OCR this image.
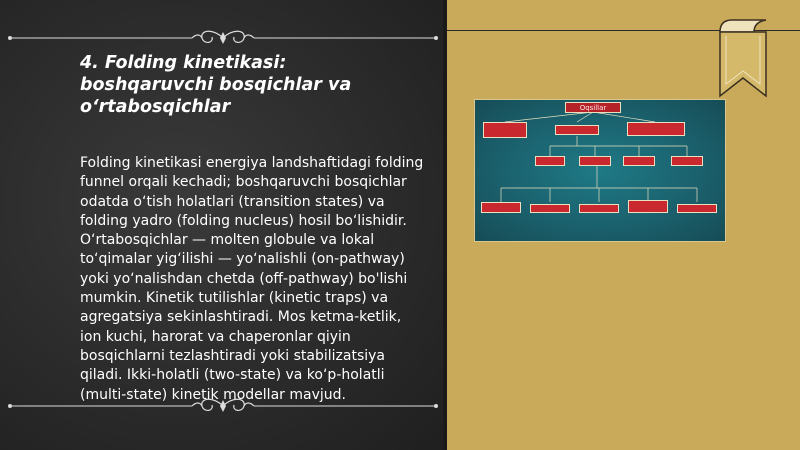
4. Folding kinetikasi: boshqaruvchi bosqichlar va o‘rtabosqichlar
Folding kinetikasi energiya landshaftidagi folding funnel orqali kechadi; boshqaruvchi bosqichlar odatda o‘tish holatlari (transition states) va folding yadro (folding nucleus) hosil bo‘lishidir. O‘rtabosqichlar — molten globule va lokal to‘qimalar yig‘ilishi — yo‘nalishli (on-pathway) yoki yo‘nalishdan chetda (off-pathway) bo'lishi mumkin. Kinetik tutilishlar (kinetic traps) va agregatsiya sekinlashtiradi. Mos ketma-ketlik, ion kuchi, harorat va chaperonlar qiyin bosqichlarni tezlashtiradi yoki stabilizatsiya qiladi. Ikki-holatli (two-state) va ko‘p-holatli (multi-state) kinetik modellar mavjud.
Oqsillar
